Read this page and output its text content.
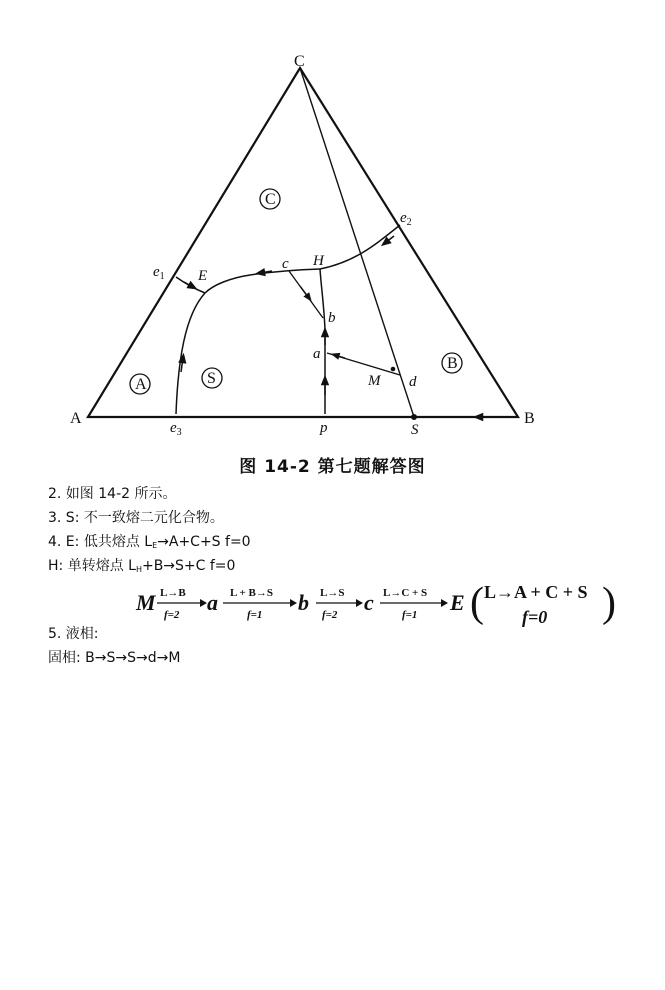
C
A	B
$e_1$
$e_2$
$e_3$
E
H
c
b
a
M d
p	S
C
A	S
B
图 14-2 第七题解答图
2. 如图 14-2 所示。
3. S: 不一致熔二元化合物。
4. E: 低共熔点 $L_E\to A+C+S$ f=0
H: 单转熔点 $L_H+B\to S+C$ f=0
M L→B
f=2 a L + B→S
f=1 b L→S
f=2 c L→C + S
f=1 E ( L→A + C + S
f=0 )
5. 液相:
固相: B→S→S→d→M
